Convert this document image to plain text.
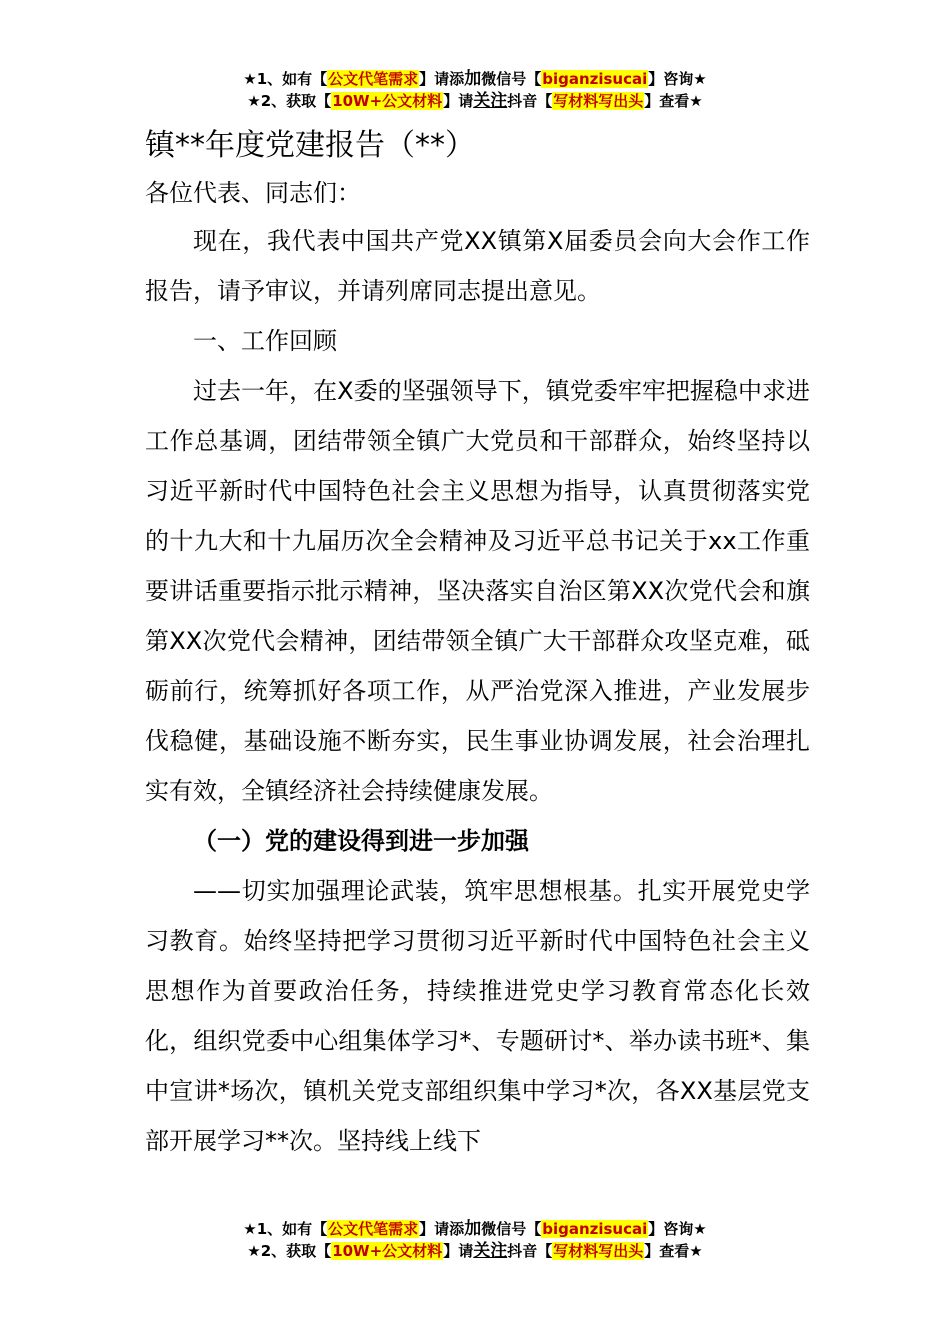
★1、如有【公文代笔需求】请添加微信号【biganzisucai】咨询★
★2、获取【10W+公文材料】请关注抖音【写材料写出头】查看★
镇**年度党建报告（**）

各位代表、同志们：

现在，我代表中国共产党XX镇第X届委员会向大会作工作报告，请予审议，并请列席同志提出意见。

一、工作回顾

过去一年，在X委的坚强领导下，镇党委牢牢把握稳中求进工作总基调，团结带领全镇广大党员和干部群众，始终坚持以习近平新时代中国特色社会主义思想为指导，认真贯彻落实党的十九大和十九届历次全会精神及习近平总书记关于xx工作重要讲话重要指示批示精神，坚决落实自治区第XX次党代会和旗第XX次党代会精神，团结带领全镇广大干部群众攻坚克难，砥砺前行，统筹抓好各项工作，从严治党深入推进，产业发展步伐稳健，基础设施不断夯实，民生事业协调发展，社会治理扎实有效，全镇经济社会持续健康发展。

（一）党的建设得到进一步加强

——切实加强理论武装，筑牢思想根基。扎实开展党史学习教育。始终坚持把学习贯彻习近平新时代中国特色社会主义思想作为首要政治任务，持续推进党史学习教育常态化长效化，组织党委中心组集体学习*、专题研讨*、举办读书班*、集中宣讲*场次，镇机关党支部组织集中学习*次，各XX基层党支部开展学习**次。坚持线上线下

★1、如有【公文代笔需求】请添加微信号【biganzisucai】咨询★
★2、获取【10W+公文材料】请关注抖音【写材料写出头】查看★
